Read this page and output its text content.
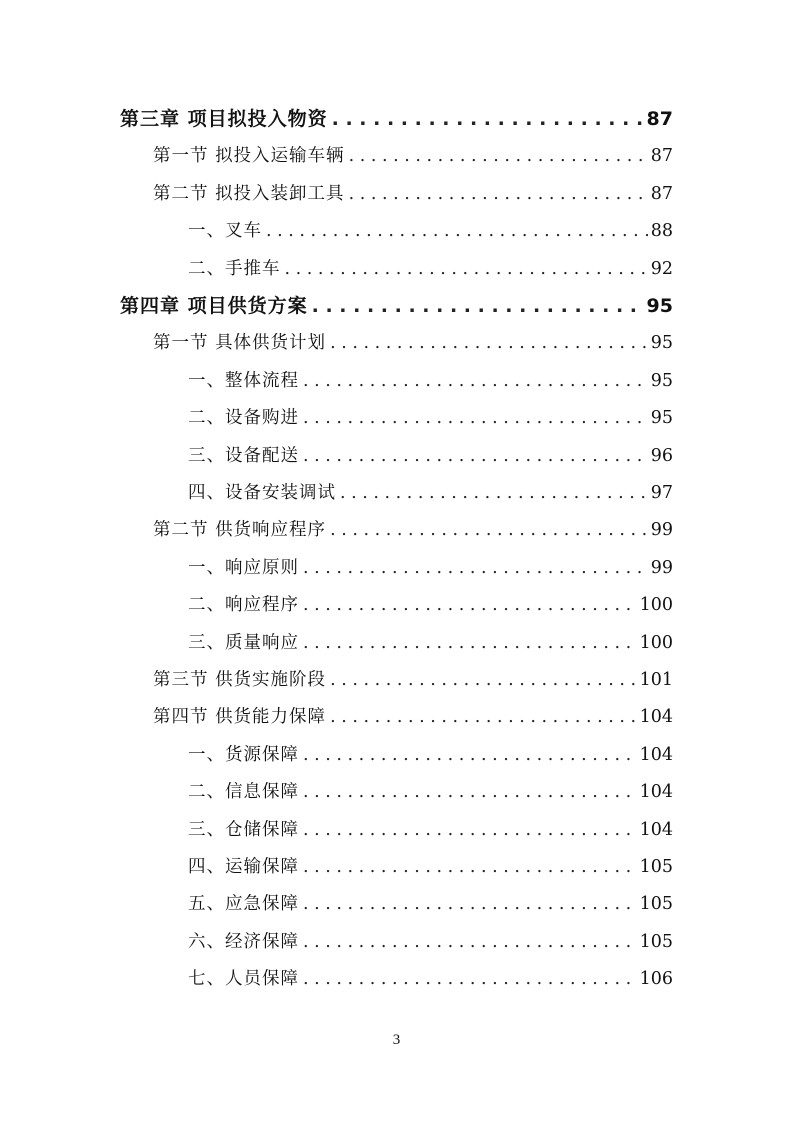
第三章 项目拟投入物资 . . .	87
第一节 拟投入运输车辆 . . .	87
第二节 拟投入装卸工具 . . .	87
一、叉车 . . .	88
二、手推车 . . .	92
第四章 项目供货方案 . . .	95
第一节 具体供货计划 . . .	95
一、整体流程 . . .	95
二、设备购进 . . .	95
三、设备配送 . . .	96
四、设备安装调试 . . .	97
第二节 供货响应程序 . . .	99
一、响应原则 . . .	99
二、响应程序 . . .	100
三、质量响应 . . .	100
第三节 供货实施阶段 . . .	101
第四节 供货能力保障 . . .	104
一、货源保障 . . .	104
二、信息保障 . . .	104
三、仓储保障 . . .	104
四、运输保障 . . .	105
五、应急保障 . . .	105
六、经济保障 . . .	105
七、人员保障 . . .	106
3
